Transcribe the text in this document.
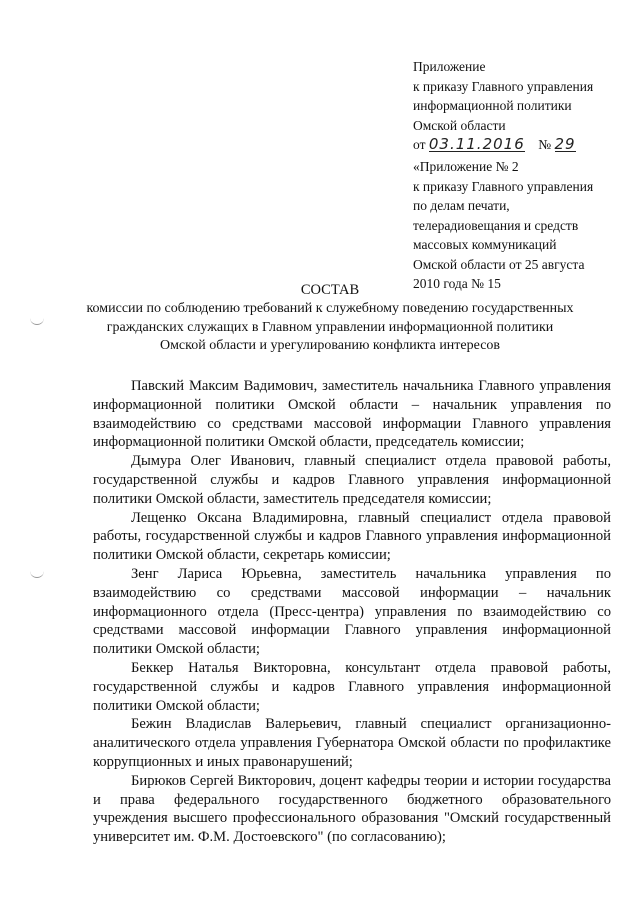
Приложение
к приказу Главного управления
информационной политики
Омской области
от 03.11.2016 № 29
«Приложение № 2
к приказу Главного управления
по делам печати,
телерадиовещания и средств
массовых коммуникаций
Омской области от 25 августа
2010 года № 15
СОСТАВ
комиссии по соблюдению требований к служебному поведению государственных
гражданских служащих в Главном управлении информационной политики
Омской области и урегулированию конфликта интересов

Павский Максим Вадимович, заместитель начальника Главного управления информационной политики Омской области – начальник управления по взаимодействию со средствами массовой информации Главного управления информационной политики Омской области, председатель комиссии;

Дымура Олег Иванович, главный специалист отдела правовой работы, государственной службы и кадров Главного управления информационной политики Омской области, заместитель председателя комиссии;

Лещенко Оксана Владимировна, главный специалист отдела правовой работы, государственной службы и кадров Главного управления информационной политики Омской области, секретарь комиссии;

Зенг Лариса Юрьевна, заместитель начальника управления по взаимодействию со средствами массовой информации – начальник информационного отдела (Пресс-центра) управления по взаимодействию со средствами массовой информации Главного управления информационной политики Омской области;

Беккер Наталья Викторовна, консультант отдела правовой работы, государственной службы и кадров Главного управления информационной политики Омской области;

Бежин Владислав Валерьевич, главный специалист организационно-аналитического отдела управления Губернатора Омской области по профилактике коррупционных и иных правонарушений;

Бирюков Сергей Викторович, доцент кафедры теории и истории государства и права федерального государственного бюджетного образовательного учреждения высшего профессионального образования "Омский государственный университет им. Ф.М. Достоевского" (по согласованию);
